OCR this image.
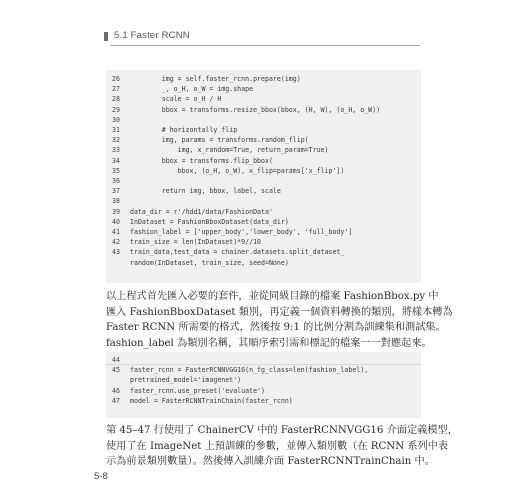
5.1 Faster RCNN
26        img = self.faster_rcnn.prepare(img)
27        _, o_H, o_W = img.shape
28        scale = o_H / H
29        bbox = transforms.resize_bbox(bbox, (H, W), (o_H, o_W))
30
31        # horizontally flip
32        img, params = transforms.random_flip(
33            img, x_random=True, return_param=True)
34        bbox = transforms.flip_bbox(
35            bbox, (o_H, o_W), x_flip=params['x_flip'])
36
37        return img, bbox, label, scale
38
39 data_dir = r'/hdd1/data/FashionData'
40 InDataset = FashionBboxDataset(data_dir)
41 fashion_label = ['upper_body','lower_body', 'full_body']
42 train_size = len(InDataset)*9//10
43 train_data,test_data = chainer.datasets.split_dataset_
random(InDataset, train_size, seed=None)

以上程式首先匯入必要的套件，並從同級目錄的檔案 FashionBbox.py 中

匯入 FashionBboxDataset 類別，再定義一個資料轉換的類別，將樣本轉為

Faster RCNN 所需要的格式，然後按 9:1 的比例分割為訓練集和測試集。

fashion_label 為類別名稱，其順序索引需和標記的檔案一一對應起來。

44
45 faster_rcnn = FasterRCNNVGG16(n_fg_class=len(fashion_label),
pretrained_model='imagenet')
46 faster_rcnn.use_preset('evaluate')
47 model = FasterRCNNTrainChain(faster_rcnn)

第 45–47 行使用了 ChainerCV 中的 FasterRCNNVGG16 介面定義模型，

使用了在 ImageNet 上預訓練的參數，並傳入類別數（在 RCNN 系列中表

示為前景類別數量）。然後傳入訓練介面 FasterRCNNTrainChain 中。

5-8
